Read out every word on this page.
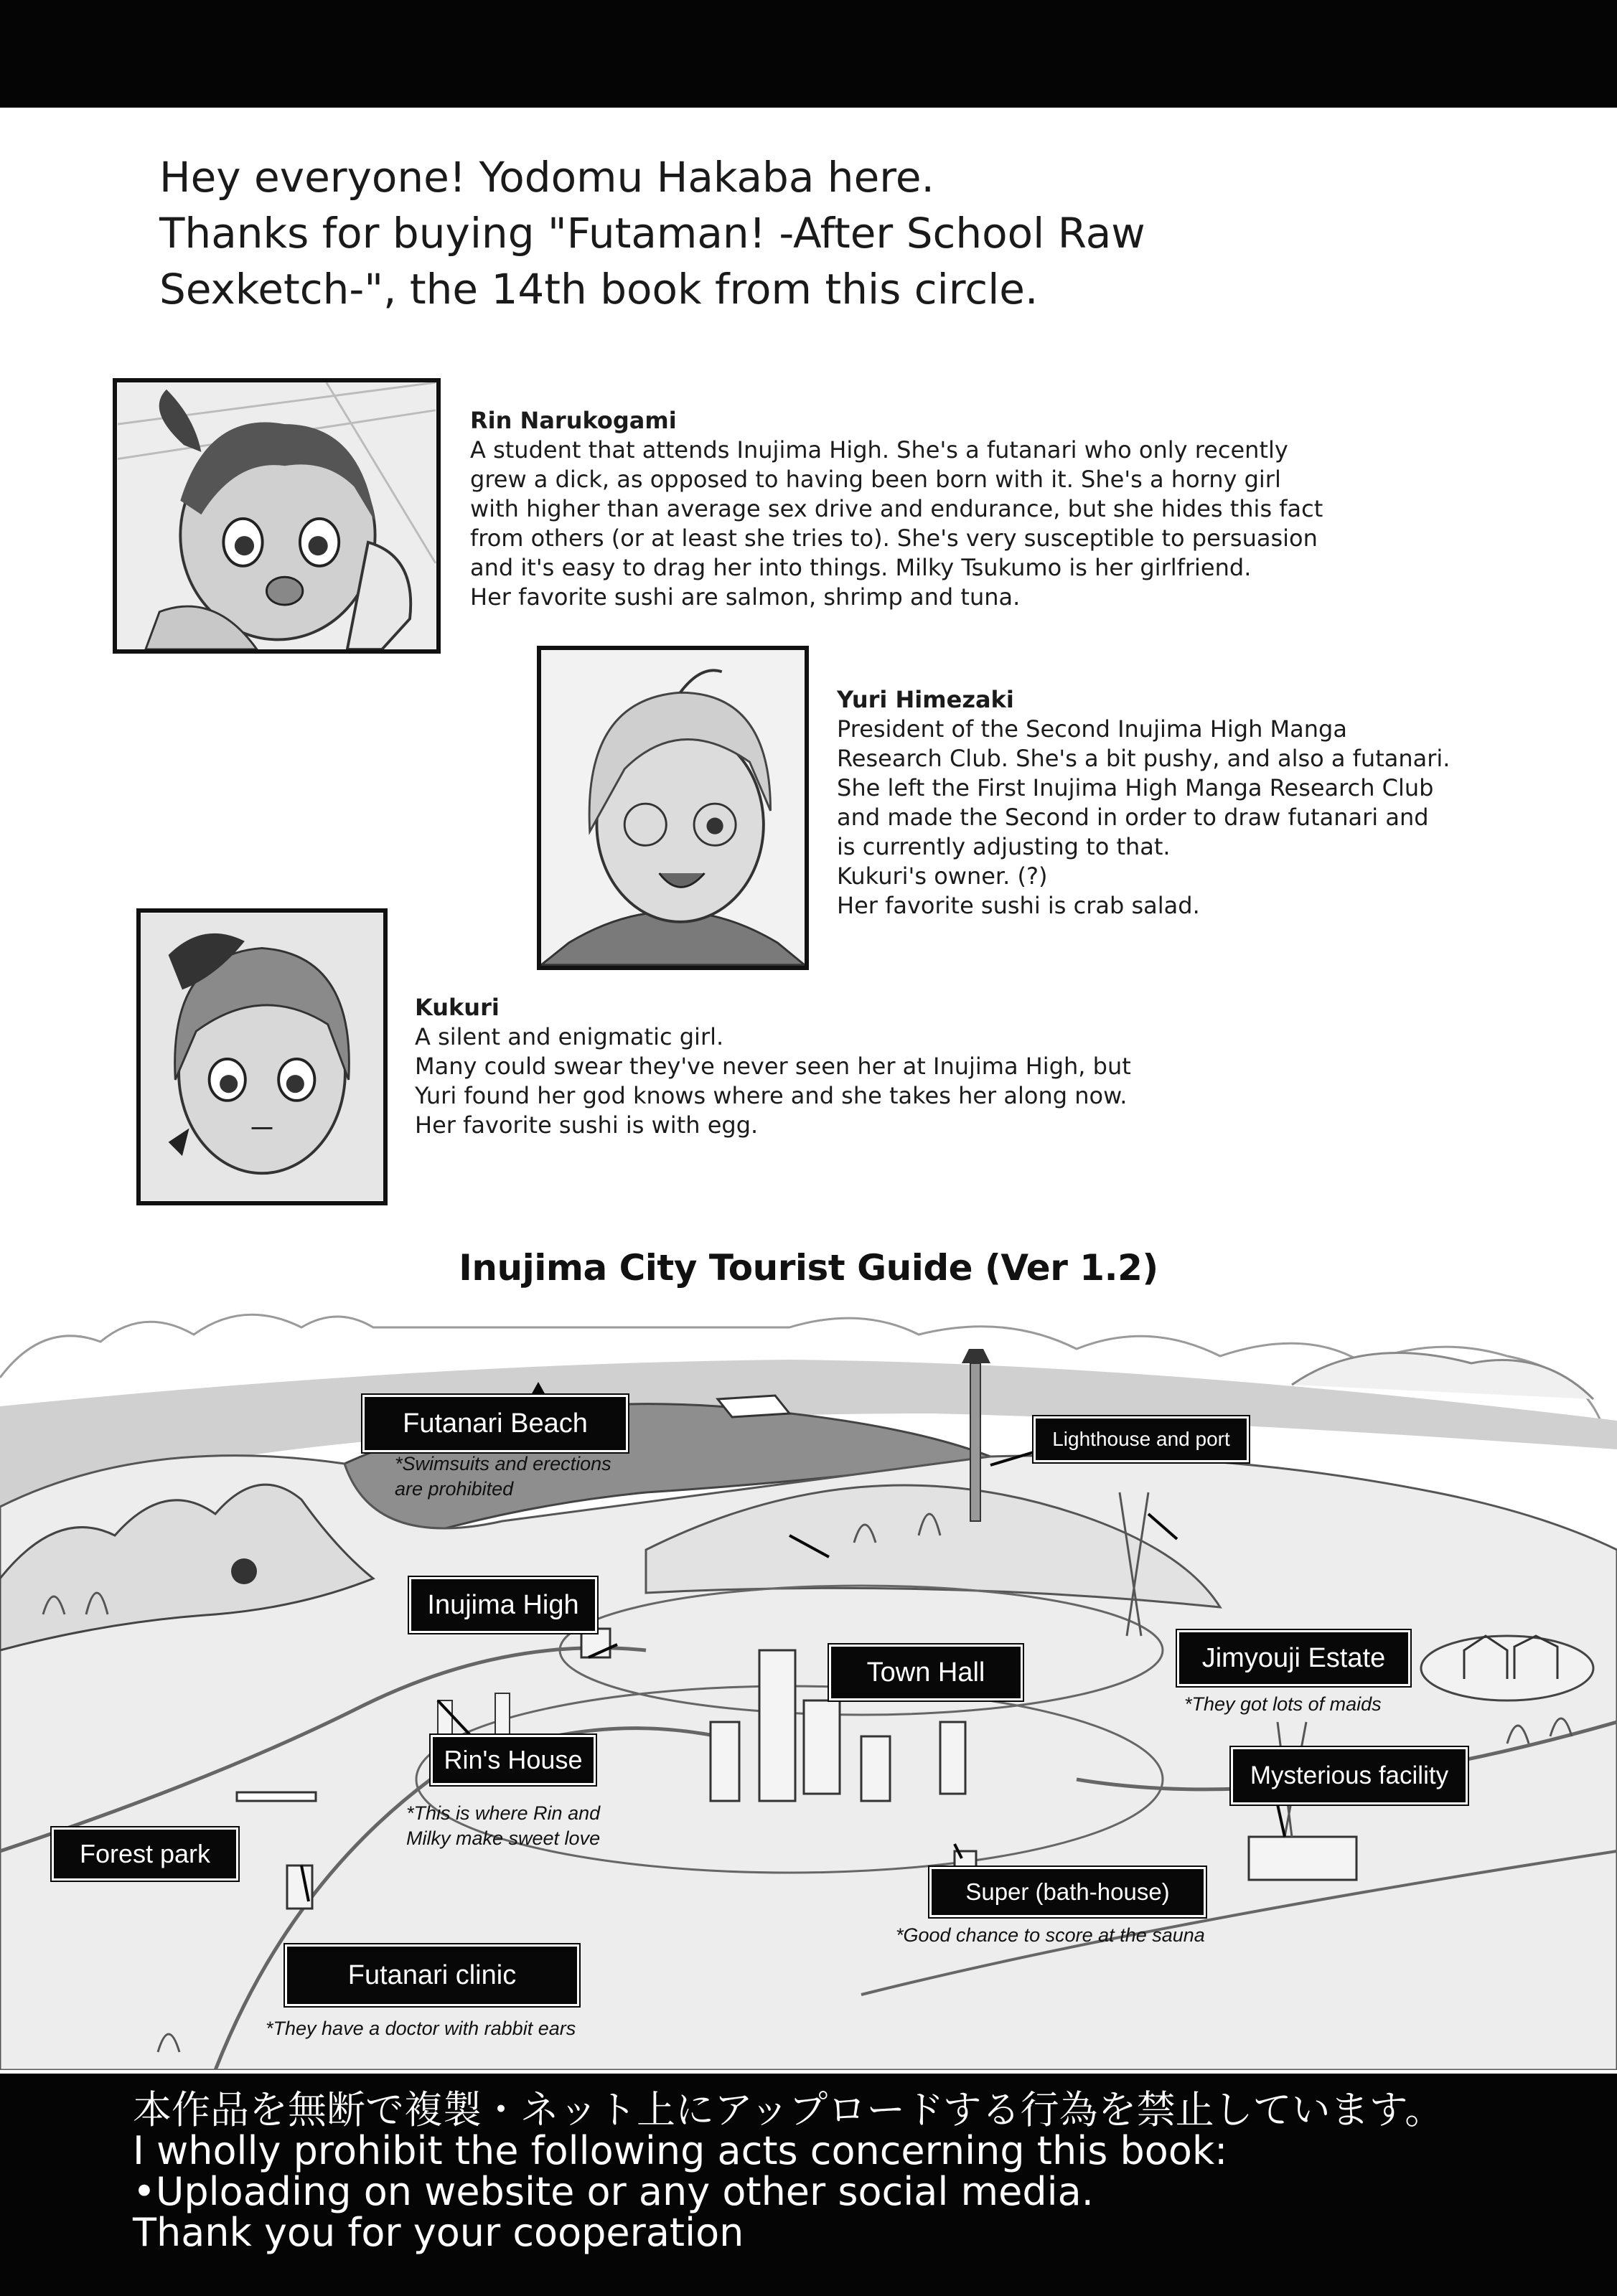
Hey everyone! Yodomu Hakaba here.
Thanks for buying "Futaman! -After School Raw
Sexketch-", the 14th book from this circle.
Rin Narukogami
A student that attends Inujima High. She's a futanari who only recently
grew a dick, as opposed to having been born with it. She's a horny girl
with higher than average sex drive and endurance, but she hides this fact
from others (or at least she tries to). She's very susceptible to persuasion
and it's easy to drag her into things. Milky Tsukumo is her girlfriend.
Her favorite sushi are salmon, shrimp and tuna.
Yuri Himezaki
President of the Second Inujima High Manga
Research Club. She's a bit pushy, and also a futanari.
She left the First Inujima High Manga Research Club
and made the Second in order to draw futanari and
is currently adjusting to that.
Kukuri's owner. (?)
Her favorite sushi is crab salad.
Kukuri
A silent and enigmatic girl.
Many could swear they've never seen her at Inujima High, but
Yuri found her god knows where and she takes her along now.
Her favorite sushi is with egg.
Inujima City Tourist Guide (Ver 1.2)
Futanari Beach
*Swimsuits and erections
are prohibited
Lighthouse and port
Inujima High
Town Hall	Jimyouji Estate
*They got lots of maids
Rin's House
*This is where Rin and
Milky make sweet love
Mysterious facility
Forest park
Super (bath-house)
*Good chance to score at the sauna
Futanari clinic
*They have a doctor with rabbit ears
本作品を無断で複製・ネット上にアップロードする行為を禁止しています。
I wholly prohibit the following acts concerning this book:
•Uploading on website or any other social media.
Thank you for your cooperation
